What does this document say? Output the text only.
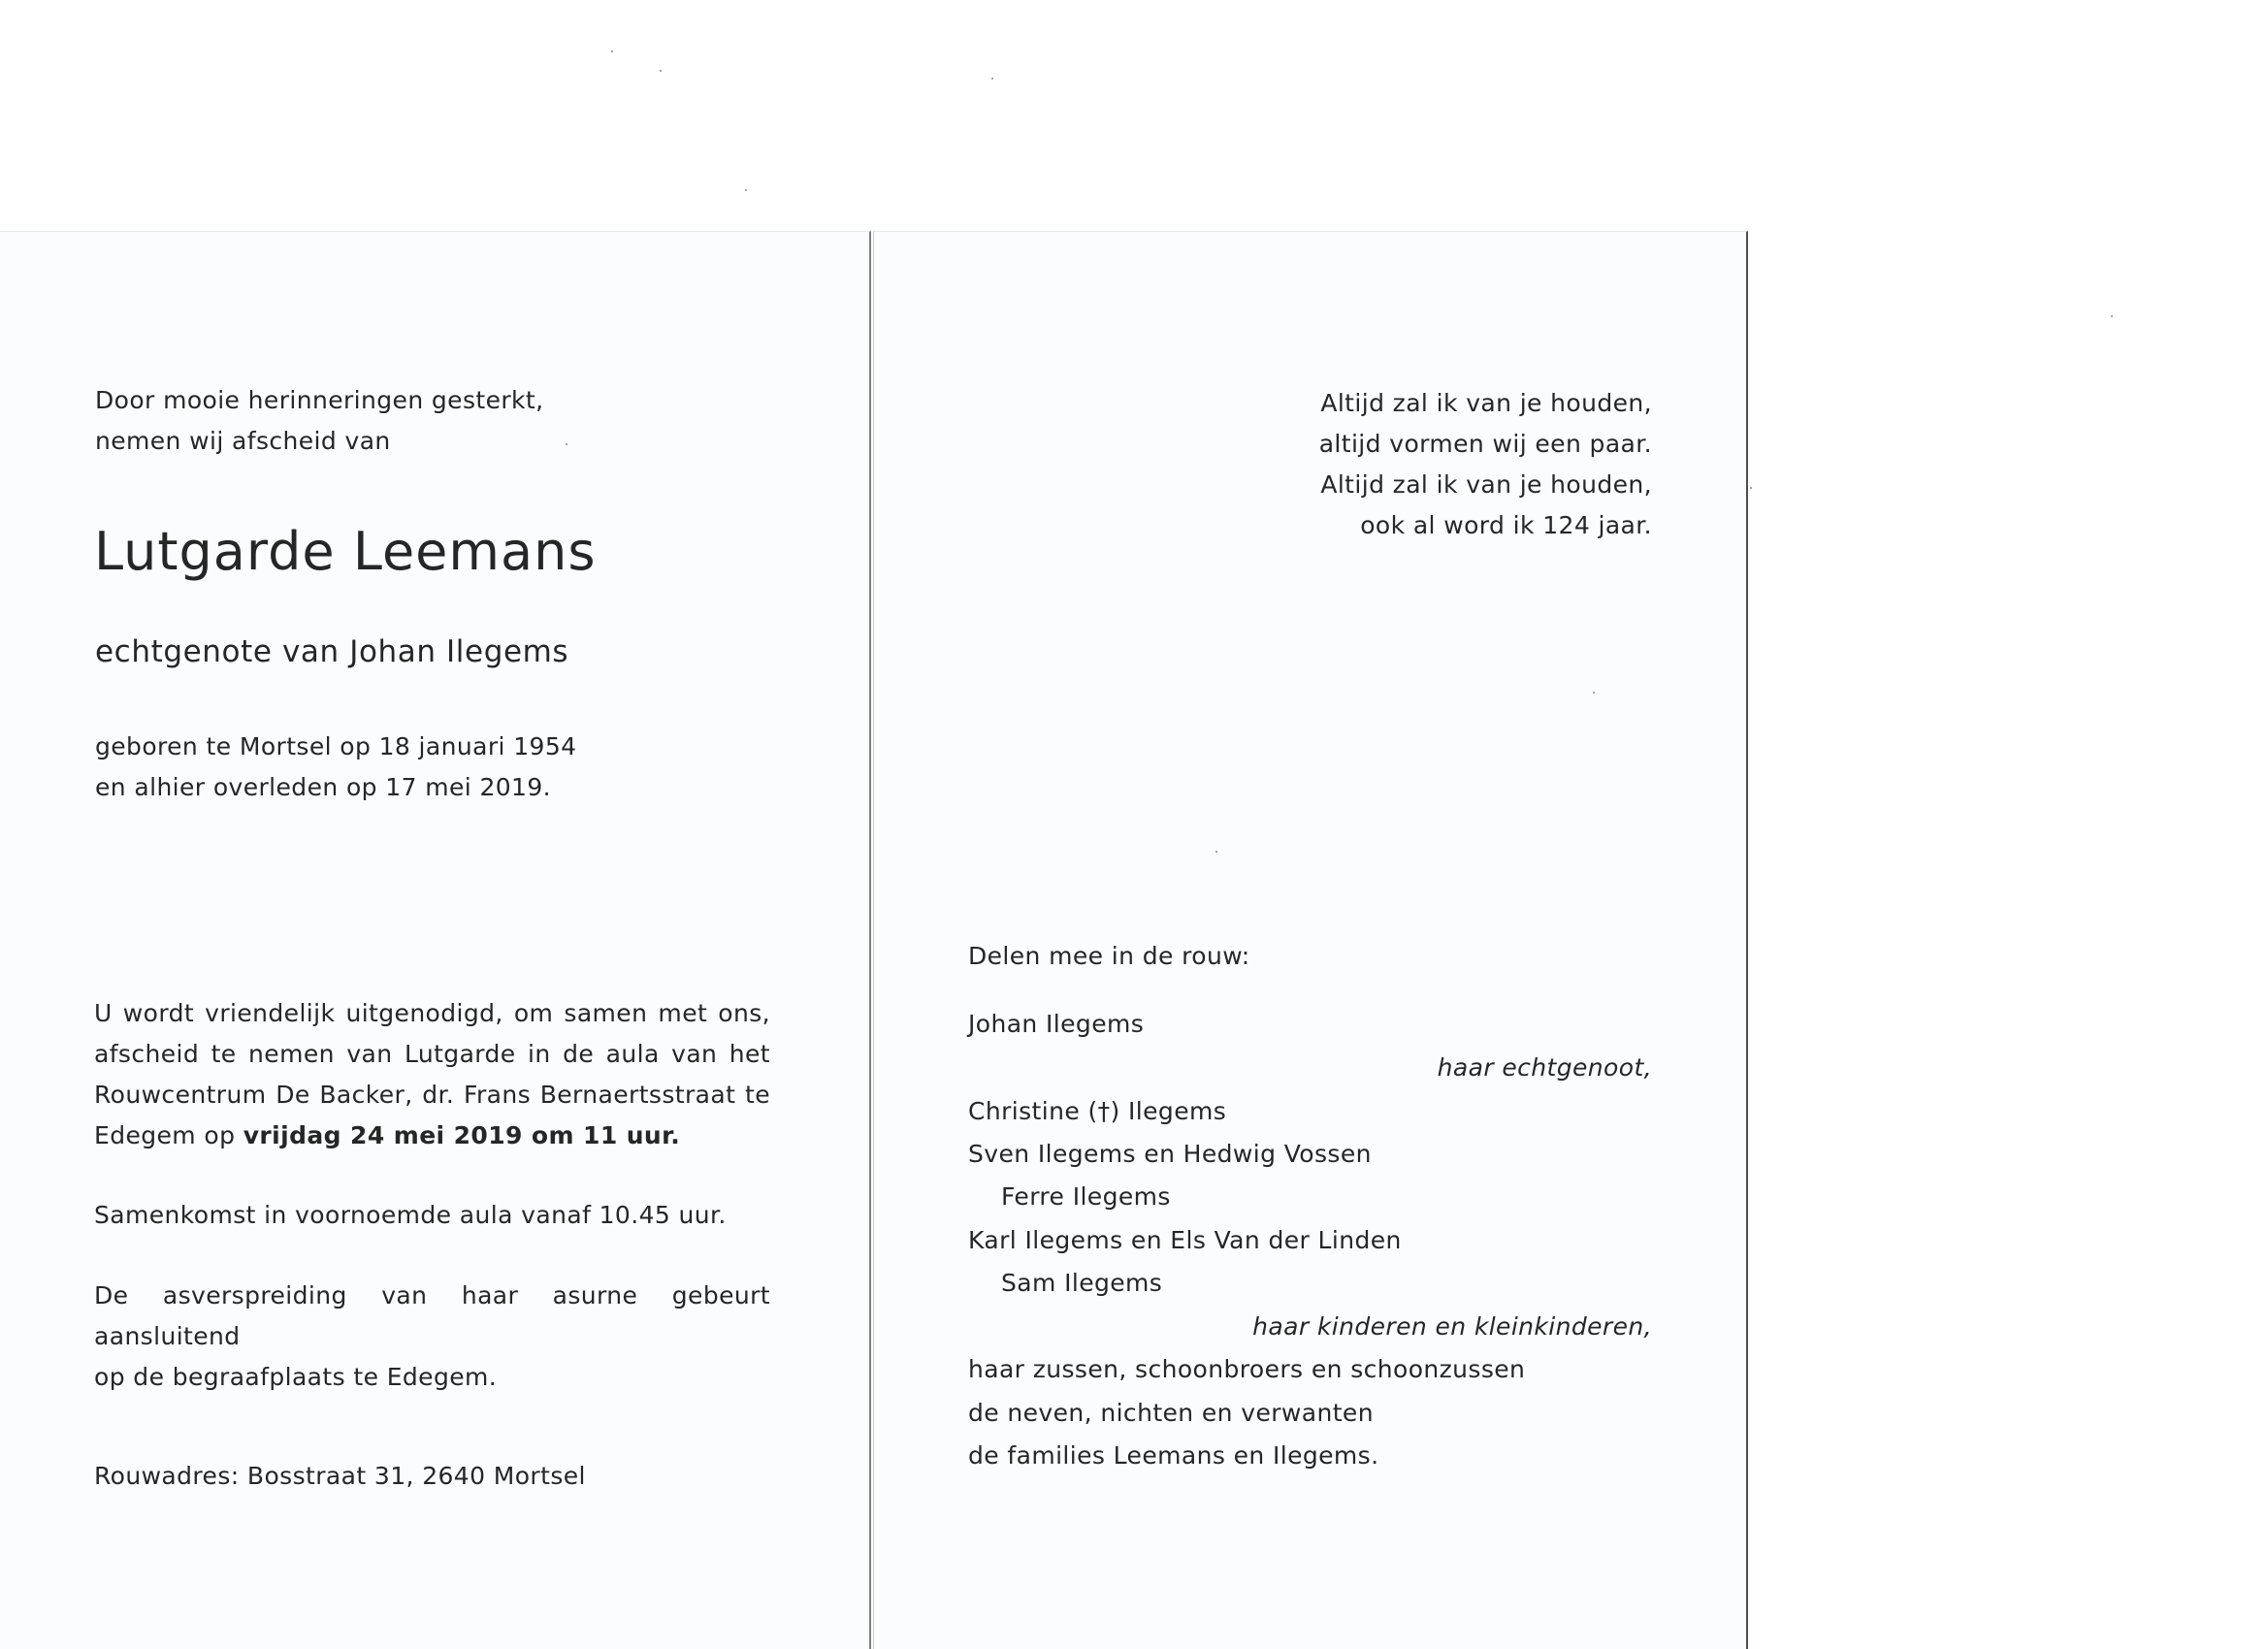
Door mooie herinneringen gesterkt,
nemen wij afscheid van
Lutgarde Leemans
echtgenote van Johan Ilegems
geboren te Mortsel op 18 januari 1954
en alhier overleden op 17 mei 2019.
U wordt vriendelijk uitgenodigd, om samen met ons,
afscheid te nemen van Lutgarde in de aula van het
Rouwcentrum De Backer, dr. Frans Bernaertsstraat te
Edegem op vrijdag 24 mei 2019 om 11 uur.
Samenkomst in voornoemde aula vanaf 10.45 uur.
De asverspreiding van haar asurne gebeurt aansluitend
op de begraafplaats te Edegem.
Rouwadres: Bosstraat 31, 2640 Mortsel
Altijd zal ik van je houden,
altijd vormen wij een paar.
Altijd zal ik van je houden,
ook al word ik 124 jaar.
Delen mee in de rouw:
Johan Ilegems
haar echtgenoot,
Christine (†) Ilegems
Sven Ilegems en Hedwig Vossen
Ferre Ilegems
Karl Ilegems en Els Van der Linden
Sam Ilegems
haar kinderen en kleinkinderen,
haar zussen, schoonbroers en schoonzussen
de neven, nichten en verwanten
de families Leemans en Ilegems.
